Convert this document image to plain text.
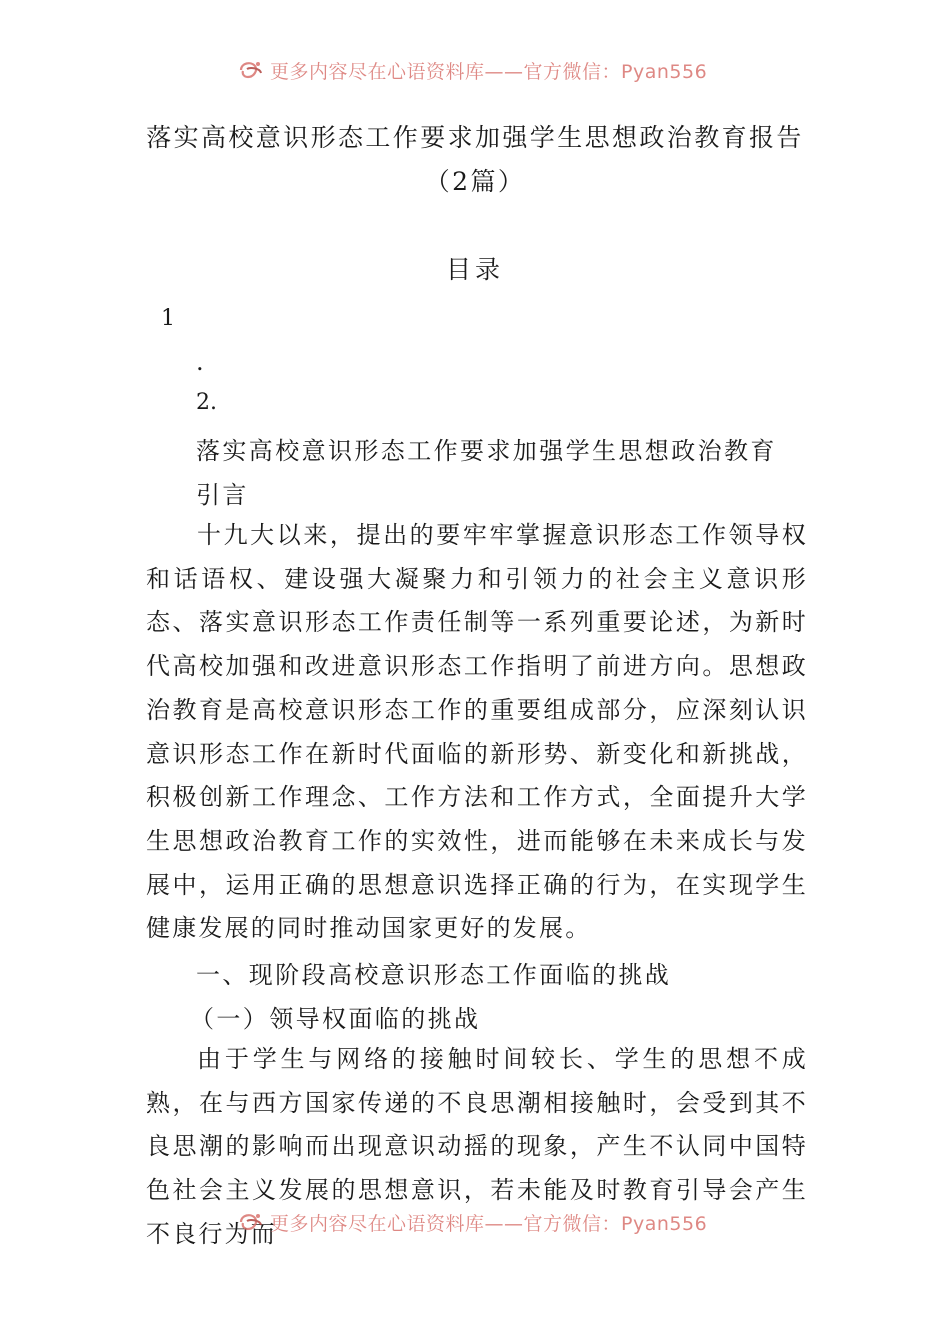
更多内容尽在心语资料库——官方微信：Pyan556
落实高校意识形态工作要求加强学生思想政治教育报告（2篇）
目录
1
.
2.
落实高校意识形态工作要求加强学生思想政治教育
引言
十九大以来，提出的要牢牢掌握意识形态工作领导权和话语权、建设强大凝聚力和引领力的社会主义意识形态、落实意识形态工作责任制等一系列重要论述，为新时代高校加强和改进意识形态工作指明了前进方向。思想政治教育是高校意识形态工作的重要组成部分，应深刻认识意识形态工作在新时代面临的新形势、新变化和新挑战，积极创新工作理念、工作方法和工作方式，全面提升大学生思想政治教育工作的实效性，进而能够在未来成长与发展中，运用正确的思想意识选择正确的行为，在实现学生健康发展的同时推动国家更好的发展。
一、现阶段高校意识形态工作面临的挑战
（一）领导权面临的挑战
由于学生与网络的接触时间较长、学生的思想不成熟，在与西方国家传递的不良思潮相接触时，会受到其不良思潮的影响而出现意识动摇的现象，产生不认同中国特色社会主义发展的思想意识，若未能及时教育引导会产生不良行为而
更多内容尽在心语资料库——官方微信：Pyan556
